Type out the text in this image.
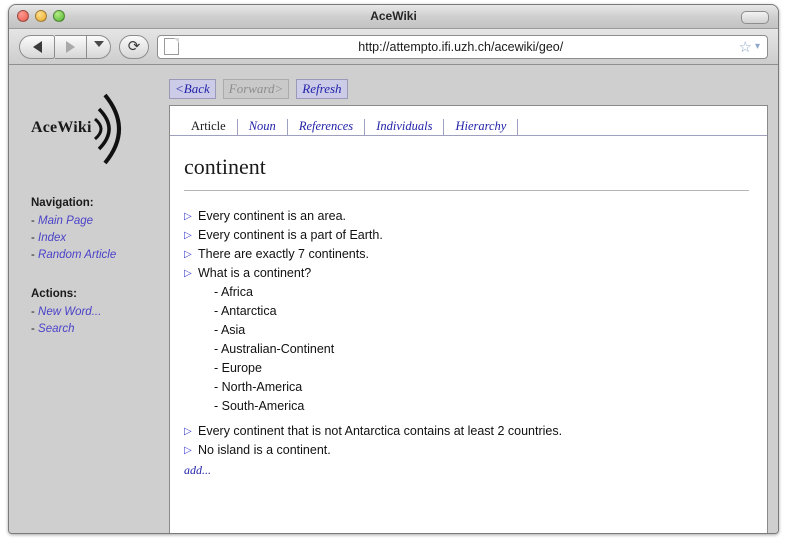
AceWiki
⟳	http://attempto.ifi.uzh.ch/acewiki/geo/	☆ ▾
AceWiki
Navigation:
- Main Page
- Index
- Random Article
Actions:
- New Word...
- Search
<Back	Forward>	Refresh
Article	Noun	References	Individuals	Hierarchy
continent
▷ Every continent is an area.
▷ Every continent is a part of Earth.
▷ There are exactly 7 continents.
▷ What is a continent?
- Africa
- Antarctica
- Asia
- Australian-Continent
- Europe
- North-America
- South-America
▷ Every continent that is not Antarctica contains at least 2 countries.
▷ No island is a continent.
add...
